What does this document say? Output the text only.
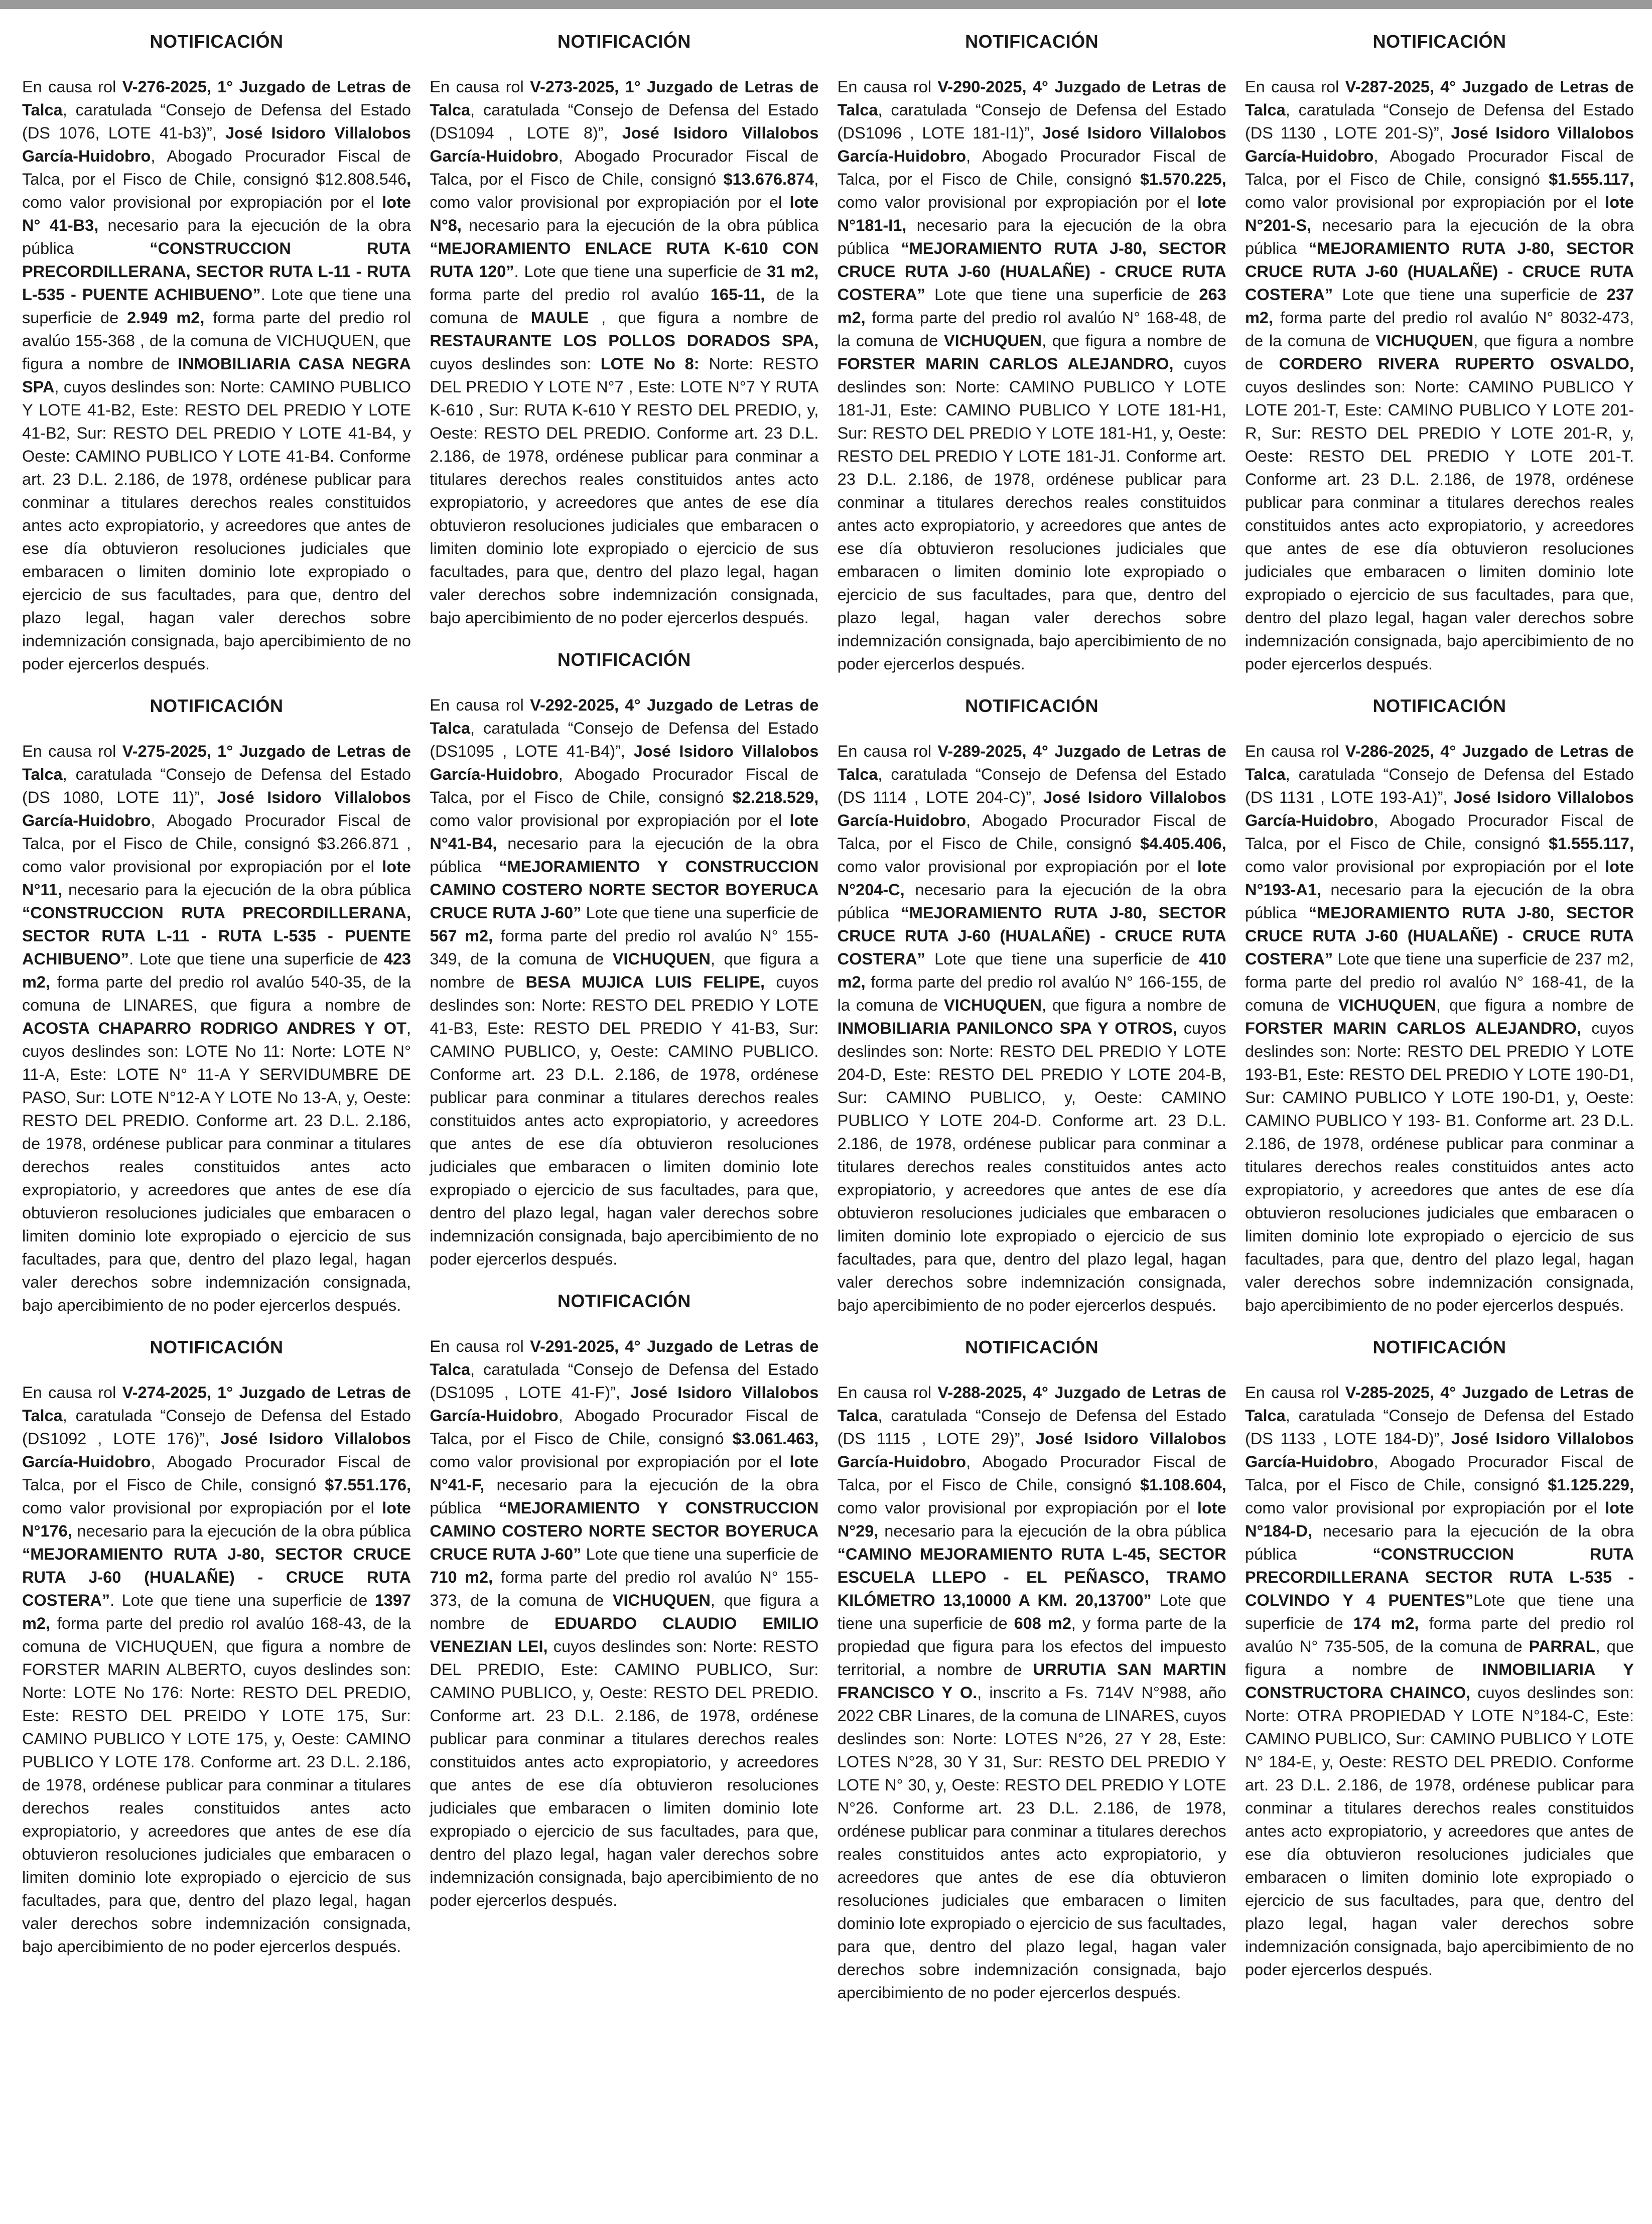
NOTIFICACIÓN

En causa rol V-276-2025, 1° Juzgado de Letras de Talca, caratulada “Consejo de Defensa del Estado (DS 1076, LOTE 41-b3)”, José Isidoro Villalobos García-Huidobro, Abogado Procurador Fiscal de Talca, por el Fisco de Chile, consignó $12.808.546, como valor provisional por expropiación por el lote N° 41-B3, necesario para la ejecución de la obra pública “CONSTRUCCION RUTA PRECORDILLERANA, SECTOR RUTA L-11 - RUTA L-535 - PUENTE ACHIBUENO”. Lote que tiene una superficie de 2.949 m2, forma parte del predio rol avalúo 155-368 , de la comuna de VICHUQUEN, que figura a nombre de INMOBILIARIA CASA NEGRA SPA, cuyos deslindes son: Norte: CAMINO PUBLICO Y LOTE 41-B2, Este: RESTO DEL PREDIO Y LOTE 41-B2, Sur: RESTO DEL PREDIO Y LOTE 41-B4, y Oeste: CAMINO PUBLICO Y LOTE 41-B4. Conforme art. 23 D.L. 2.186, de 1978, ordénese publicar para conminar a titulares derechos reales constituidos antes acto expropiatorio, y acreedores que antes de ese día obtuvieron resoluciones judiciales que embaracen o limiten dominio lote expropiado o ejercicio de sus facultades, para que, dentro del plazo legal, hagan valer derechos sobre indemnización consignada, bajo apercibimiento de no poder ejercerlos después.

NOTIFICACIÓN

En causa rol V-275-2025, 1° Juzgado de Letras de Talca, caratulada “Consejo de Defensa del Estado (DS 1080, LOTE 11)”, José Isidoro Villalobos García-Huidobro, Abogado Procurador Fiscal de Talca, por el Fisco de Chile, consignó $3.266.871 , como valor provisional por expropiación por el lote N°11, necesario para la ejecución de la obra pública “CONSTRUCCION RUTA PRECORDILLERANA, SECTOR RUTA L-11 - RUTA L-535 - PUENTE ACHIBUENO”. Lote que tiene una superficie de 423 m2, forma parte del predio rol avalúo 540-35, de la comuna de LINARES, que figura a nombre de ACOSTA CHAPARRO RODRIGO ANDRES Y OT, cuyos deslindes son: LOTE No 11: Norte: LOTE N° 11-A, Este: LOTE N° 11-A Y SERVIDUMBRE DE PASO, Sur: LOTE N°12-A Y LOTE No 13-A, y, Oeste: RESTO DEL PREDIO. Conforme art. 23 D.L. 2.186, de 1978, ordénese publicar para conminar a titulares derechos reales constituidos antes acto expropiatorio, y acreedores que antes de ese día obtuvieron resoluciones judiciales que embaracen o limiten dominio lote expropiado o ejercicio de sus facultades, para que, dentro del plazo legal, hagan valer derechos sobre indemnización consignada, bajo apercibimiento de no poder ejercerlos después.

NOTIFICACIÓN

En causa rol V-274-2025, 1° Juzgado de Letras de Talca, caratulada “Consejo de Defensa del Estado (DS1092 , LOTE 176)”, José Isidoro Villalobos García-Huidobro, Abogado Procurador Fiscal de Talca, por el Fisco de Chile, consignó $7.551.176, como valor provisional por expropiación por el lote N°176, necesario para la ejecución de la obra pública “MEJORAMIENTO RUTA J-80, SECTOR CRUCE RUTA J-60 (HUALAÑE) - CRUCE RUTA COSTERA”. Lote que tiene una superficie de 1397 m2, forma parte del predio rol avalúo 168-43, de la comuna de VICHUQUEN, que figura a nombre de FORSTER MARIN ALBERTO, cuyos deslindes son: Norte: LOTE No 176: Norte: RESTO DEL PREDIO, Este: RESTO DEL PREIDO Y LOTE 175, Sur: CAMINO PUBLICO Y LOTE 175, y, Oeste: CAMINO PUBLICO Y LOTE 178. Conforme art. 23 D.L. 2.186, de 1978, ordénese publicar para conminar a titulares derechos reales constituidos antes acto expropiatorio, y acreedores que antes de ese día obtuvieron resoluciones judiciales que embaracen o limiten dominio lote expropiado o ejercicio de sus facultades, para que, dentro del plazo legal, hagan valer derechos sobre indemnización consignada, bajo apercibimiento de no poder ejercerlos después.

NOTIFICACIÓN

En causa rol V-273-2025, 1° Juzgado de Letras de Talca, caratulada “Consejo de Defensa del Estado (DS1094 , LOTE 8)”, José Isidoro Villalobos García-Huidobro, Abogado Procurador Fiscal de Talca, por el Fisco de Chile, consignó $13.676.874, como valor provisional por expropiación por el lote N°8, necesario para la ejecución de la obra pública “MEJORAMIENTO ENLACE RUTA K-610 CON RUTA 120”. Lote que tiene una superficie de 31 m2, forma parte del predio rol avalúo 165-11, de la comuna de MAULE , que figura a nombre de RESTAURANTE LOS POLLOS DORADOS SPA, cuyos deslindes son: LOTE No 8: Norte: RESTO DEL PREDIO Y LOTE N°7 , Este: LOTE N°7 Y RUTA K-610 , Sur: RUTA K-610 Y RESTO DEL PREDIO, y, Oeste: RESTO DEL PREDIO. Conforme art. 23 D.L. 2.186, de 1978, ordénese publicar para conminar a titulares derechos reales constituidos antes acto expropiatorio, y acreedores que antes de ese día obtuvieron resoluciones judiciales que embaracen o limiten dominio lote expropiado o ejercicio de sus facultades, para que, dentro del plazo legal, hagan valer derechos sobre indemnización consignada, bajo apercibimiento de no poder ejercerlos después.

NOTIFICACIÓN

En causa rol V-292-2025, 4° Juzgado de Letras de Talca, caratulada “Consejo de Defensa del Estado (DS1095 , LOTE 41-B4)”, José Isidoro Villalobos García-Huidobro, Abogado Procurador Fiscal de Talca, por el Fisco de Chile, consignó $2.218.529, como valor provisional por expropiación por el lote N°41-B4, necesario para la ejecución de la obra pública “MEJORAMIENTO Y CONSTRUCCION CAMINO COSTERO NORTE SECTOR BOYERUCA CRUCE RUTA J-60” Lote que tiene una superficie de 567 m2, forma parte del predio rol avalúo N° 155-349, de la comuna de VICHUQUEN, que figura a nombre de BESA MUJICA LUIS FELIPE, cuyos deslindes son: Norte: RESTO DEL PREDIO Y LOTE 41-B3, Este: RESTO DEL PREDIO Y 41-B3, Sur: CAMINO PUBLICO, y, Oeste: CAMINO PUBLICO. Conforme art. 23 D.L. 2.186, de 1978, ordénese publicar para conminar a titulares derechos reales constituidos antes acto expropiatorio, y acreedores que antes de ese día obtuvieron resoluciones judiciales que embaracen o limiten dominio lote expropiado o ejercicio de sus facultades, para que, dentro del plazo legal, hagan valer derechos sobre indemnización consignada, bajo apercibimiento de no poder ejercerlos después.

NOTIFICACIÓN

En causa rol V-291-2025, 4° Juzgado de Letras de Talca, caratulada “Consejo de Defensa del Estado (DS1095 , LOTE 41-F)”, José Isidoro Villalobos García-Huidobro, Abogado Procurador Fiscal de Talca, por el Fisco de Chile, consignó $3.061.463, como valor provisional por expropiación por el lote N°41-F, necesario para la ejecución de la obra pública “MEJORAMIENTO Y CONSTRUCCION CAMINO COSTERO NORTE SECTOR BOYERUCA CRUCE RUTA J-60” Lote que tiene una superficie de 710 m2, forma parte del predio rol avalúo N° 155-373, de la comuna de VICHUQUEN, que figura a nombre de EDUARDO CLAUDIO EMILIO VENEZIAN LEI, cuyos deslindes son: Norte: RESTO DEL PREDIO, Este: CAMINO PUBLICO, Sur: CAMINO PUBLICO, y, Oeste: RESTO DEL PREDIO. Conforme art. 23 D.L. 2.186, de 1978, ordénese publicar para conminar a titulares derechos reales constituidos antes acto expropiatorio, y acreedores que antes de ese día obtuvieron resoluciones judiciales que embaracen o limiten dominio lote expropiado o ejercicio de sus facultades, para que, dentro del plazo legal, hagan valer derechos sobre indemnización consignada, bajo apercibimiento de no poder ejercerlos después.

NOTIFICACIÓN

En causa rol V-290-2025, 4° Juzgado de Letras de Talca, caratulada “Consejo de Defensa del Estado (DS1096 , LOTE 181-I1)”, José Isidoro Villalobos García-Huidobro, Abogado Procurador Fiscal de Talca, por el Fisco de Chile, consignó $1.570.225, como valor provisional por expropiación por el lote N°181-I1, necesario para la ejecución de la obra pública “MEJORAMIENTO RUTA J-80, SECTOR CRUCE RUTA J-60 (HUALAÑE) - CRUCE RUTA COSTERA” Lote que tiene una superficie de 263 m2, forma parte del predio rol avalúo N° 168-48, de la comuna de VICHUQUEN, que figura a nombre de FORSTER MARIN CARLOS ALEJANDRO, cuyos deslindes son: Norte: CAMINO PUBLICO Y LOTE 181-J1, Este: CAMINO PUBLICO Y LOTE 181-H1, Sur: RESTO DEL PREDIO Y LOTE 181-H1, y, Oeste: RESTO DEL PREDIO Y LOTE 181-J1. Conforme art. 23 D.L. 2.186, de 1978, ordénese publicar para conminar a titulares derechos reales constituidos antes acto expropiatorio, y acreedores que antes de ese día obtuvieron resoluciones judiciales que embaracen o limiten dominio lote expropiado o ejercicio de sus facultades, para que, dentro del plazo legal, hagan valer derechos sobre indemnización consignada, bajo apercibimiento de no poder ejercerlos después.

NOTIFICACIÓN

En causa rol V-289-2025, 4° Juzgado de Letras de Talca, caratulada “Consejo de Defensa del Estado (DS 1114 , LOTE 204-C)”, José Isidoro Villalobos García-Huidobro, Abogado Procurador Fiscal de Talca, por el Fisco de Chile, consignó $4.405.406, como valor provisional por expropiación por el lote N°204-C, necesario para la ejecución de la obra pública “MEJORAMIENTO RUTA J-80, SECTOR CRUCE RUTA J-60 (HUALAÑE) - CRUCE RUTA COSTERA” Lote que tiene una superficie de 410 m2, forma parte del predio rol avalúo N° 166-155, de la comuna de VICHUQUEN, que figura a nombre de INMOBILIARIA PANILONCO SPA Y OTROS, cuyos deslindes son: Norte: RESTO DEL PREDIO Y LOTE 204-D, Este: RESTO DEL PREDIO Y LOTE 204-B, Sur: CAMINO PUBLICO, y, Oeste: CAMINO PUBLICO Y LOTE 204-D. Conforme art. 23 D.L. 2.186, de 1978, ordénese publicar para conminar a titulares derechos reales constituidos antes acto expropiatorio, y acreedores que antes de ese día obtuvieron resoluciones judiciales que embaracen o limiten dominio lote expropiado o ejercicio de sus facultades, para que, dentro del plazo legal, hagan valer derechos sobre indemnización consignada, bajo apercibimiento de no poder ejercerlos después.

NOTIFICACIÓN

En causa rol V-288-2025, 4° Juzgado de Letras de Talca, caratulada “Consejo de Defensa del Estado (DS 1115 , LOTE 29)”, José Isidoro Villalobos García-Huidobro, Abogado Procurador Fiscal de Talca, por el Fisco de Chile, consignó $1.108.604, como valor provisional por expropiación por el lote N°29, necesario para la ejecución de la obra pública “CAMINO MEJORAMIENTO RUTA L-45, SECTOR ESCUELA LLEPO - EL PEÑASCO, TRAMO KILÓMETRO 13,10000 A KM. 20,13700” Lote que tiene una superficie de 608 m2, y forma parte de la propiedad que figura para los efectos del impuesto territorial, a nombre de URRUTIA SAN MARTIN FRANCISCO Y O., inscrito a Fs. 714V N°988, año 2022 CBR Linares, de la comuna de LINARES, cuyos deslindes son: Norte: LOTES N°26, 27 Y 28, Este: LOTES N°28, 30 Y 31, Sur: RESTO DEL PREDIO Y LOTE N° 30, y, Oeste: RESTO DEL PREDIO Y LOTE N°26. Conforme art. 23 D.L. 2.186, de 1978, ordénese publicar para conminar a titulares derechos reales constituidos antes acto expropiatorio, y acreedores que antes de ese día obtuvieron resoluciones judiciales que embaracen o limiten dominio lote expropiado o ejercicio de sus facultades, para que, dentro del plazo legal, hagan valer derechos sobre indemnización consignada, bajo apercibimiento de no poder ejercerlos después.

NOTIFICACIÓN

En causa rol V-287-2025, 4° Juzgado de Letras de Talca, caratulada “Consejo de Defensa del Estado (DS 1130 , LOTE 201-S)”, José Isidoro Villalobos García-Huidobro, Abogado Procurador Fiscal de Talca, por el Fisco de Chile, consignó $1.555.117, como valor provisional por expropiación por el lote N°201-S, necesario para la ejecución de la obra pública “MEJORAMIENTO RUTA J-80, SECTOR CRUCE RUTA J-60 (HUALAÑE) - CRUCE RUTA COSTERA” Lote que tiene una superficie de 237 m2, forma parte del predio rol avalúo N° 8032-473, de la comuna de VICHUQUEN, que figura a nombre de CORDERO RIVERA RUPERTO OSVALDO, cuyos deslindes son: Norte: CAMINO PUBLICO Y LOTE 201-T, Este: CAMINO PUBLICO Y LOTE 201-R, Sur: RESTO DEL PREDIO Y LOTE 201-R, y, Oeste: RESTO DEL PREDIO Y LOTE 201-T. Conforme art. 23 D.L. 2.186, de 1978, ordénese publicar para conminar a titulares derechos reales constituidos antes acto expropiatorio, y acreedores que antes de ese día obtuvieron resoluciones judiciales que embaracen o limiten dominio lote expropiado o ejercicio de sus facultades, para que, dentro del plazo legal, hagan valer derechos sobre indemnización consignada, bajo apercibimiento de no poder ejercerlos después.

NOTIFICACIÓN

En causa rol V-286-2025, 4° Juzgado de Letras de Talca, caratulada “Consejo de Defensa del Estado (DS 1131 , LOTE 193-A1)”, José Isidoro Villalobos García-Huidobro, Abogado Procurador Fiscal de Talca, por el Fisco de Chile, consignó $1.555.117, como valor provisional por expropiación por el lote N°193-A1, necesario para la ejecución de la obra pública “MEJORAMIENTO RUTA J-80, SECTOR CRUCE RUTA J-60 (HUALAÑE) - CRUCE RUTA COSTERA” Lote que tiene una superficie de 237 m2, forma parte del predio rol avalúo N° 168-41, de la comuna de VICHUQUEN, que figura a nombre de FORSTER MARIN CARLOS ALEJANDRO, cuyos deslindes son: Norte: RESTO DEL PREDIO Y LOTE 193-B1, Este: RESTO DEL PREDIO Y LOTE 190-D1, Sur: CAMINO PUBLICO Y LOTE 190-D1, y, Oeste: CAMINO PUBLICO Y 193- B1. Conforme art. 23 D.L. 2.186, de 1978, ordénese publicar para conminar a titulares derechos reales constituidos antes acto expropiatorio, y acreedores que antes de ese día obtuvieron resoluciones judiciales que embaracen o limiten dominio lote expropiado o ejercicio de sus facultades, para que, dentro del plazo legal, hagan valer derechos sobre indemnización consignada, bajo apercibimiento de no poder ejercerlos después.

NOTIFICACIÓN

En causa rol V-285-2025, 4° Juzgado de Letras de Talca, caratulada “Consejo de Defensa del Estado (DS 1133 , LOTE 184-D)”, José Isidoro Villalobos García-Huidobro, Abogado Procurador Fiscal de Talca, por el Fisco de Chile, consignó $1.125.229, como valor provisional por expropiación por el lote N°184-D, necesario para la ejecución de la obra pública “CONSTRUCCION RUTA PRECORDILLERANA SECTOR RUTA L-535 - COLVINDO Y 4 PUENTES”Lote que tiene una superficie de 174 m2, forma parte del predio rol avalúo N° 735-505, de la comuna de PARRAL, que figura a nombre de INMOBILIARIA Y CONSTRUCTORA CHAINCO, cuyos deslindes son: Norte: OTRA PROPIEDAD Y LOTE N°184-C, Este: CAMINO PUBLICO, Sur: CAMINO PUBLICO Y LOTE N° 184-E, y, Oeste: RESTO DEL PREDIO. Conforme art. 23 D.L. 2.186, de 1978, ordénese publicar para conminar a titulares derechos reales constituidos antes acto expropiatorio, y acreedores que antes de ese día obtuvieron resoluciones judiciales que embaracen o limiten dominio lote expropiado o ejercicio de sus facultades, para que, dentro del plazo legal, hagan valer derechos sobre indemnización consignada, bajo apercibimiento de no poder ejercerlos después.
